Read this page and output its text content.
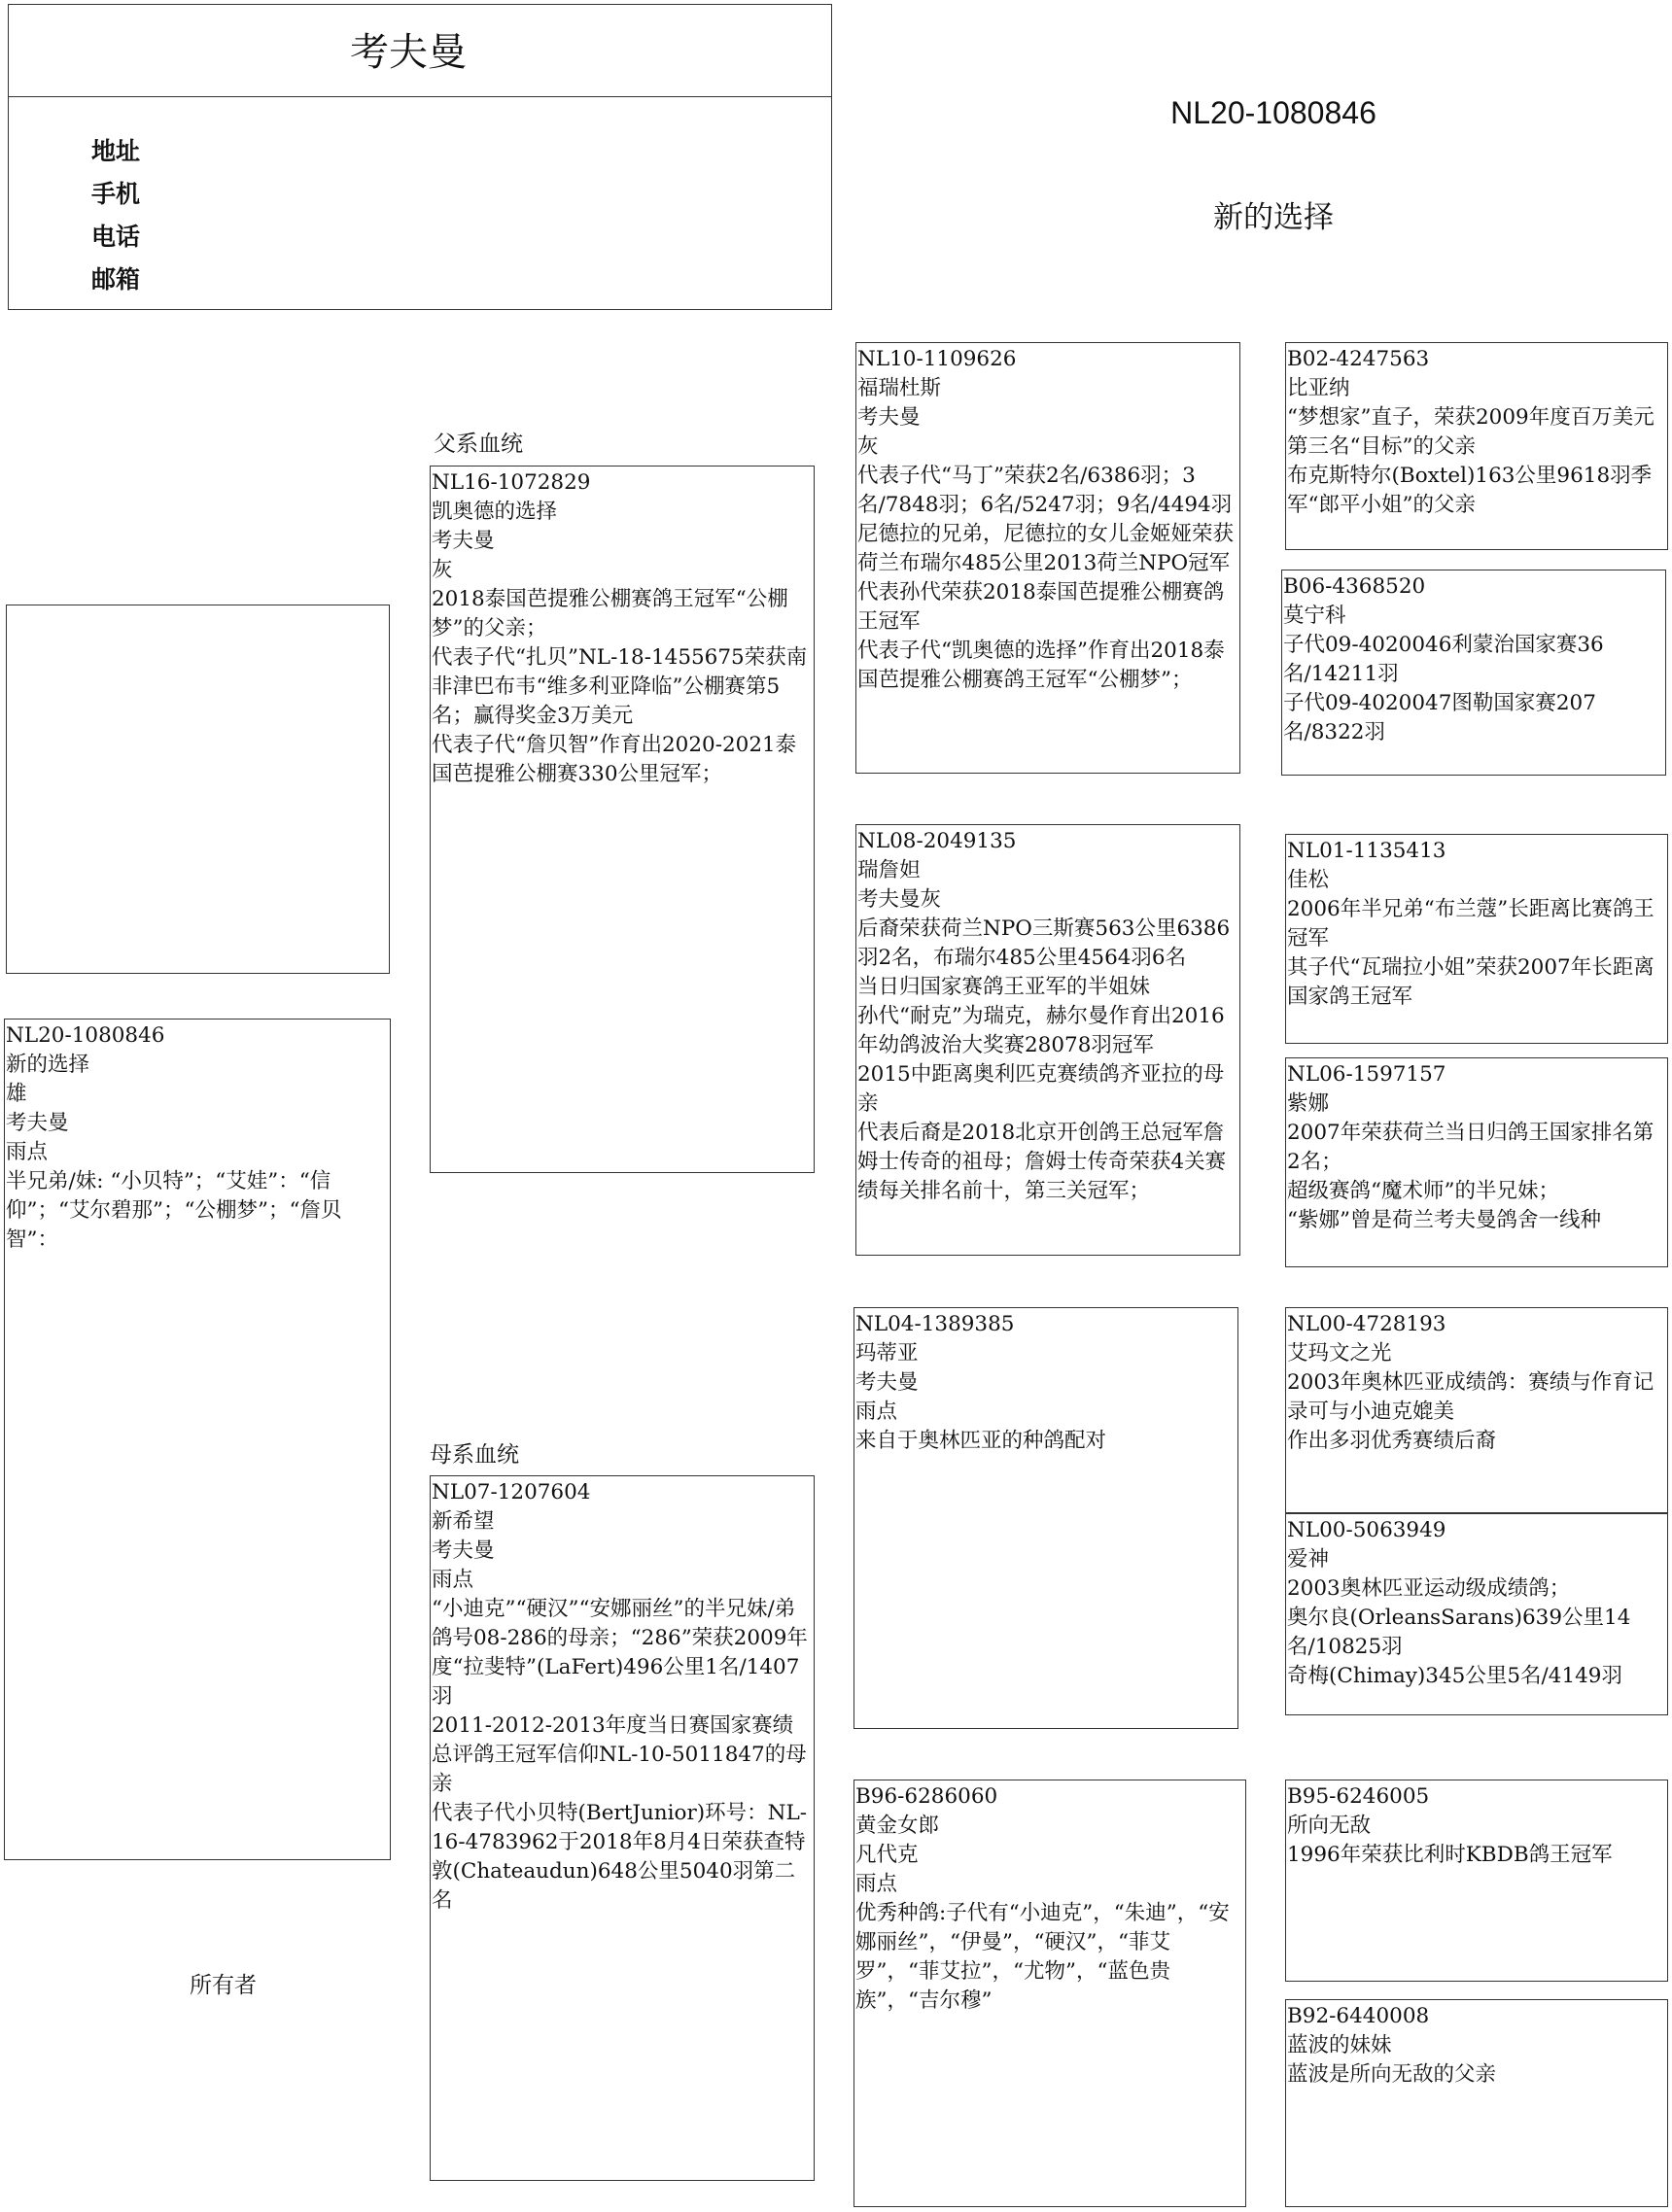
考夫曼
地址
手机
电话
邮箱
NL20-1080846
新的选择
NL20-1080846
新的选择
雄
考夫曼
雨点
半兄弟/妹: “小贝特”；“艾娃”：“信仰”；“艾尔碧那”；“公棚梦”；“詹贝智”：
所有者
父系血统
母系血统
NL16-1072829
凯奥德的选择
考夫曼
灰
2018泰国芭提雅公棚赛鸽王冠军“公棚梦”的父亲；
代表子代“扎贝”NL-18-1455675荣获南非津巴布韦“维多利亚降临”公棚赛第5名；赢得奖金3万美元
代表子代“詹贝智”作育出2020-2021泰国芭提雅公棚赛330公里冠军；
NL07-1207604
新希望
考夫曼
雨点
“小迪克”“硬汉”“安娜丽丝”的半兄妹/弟
鸽号08-286的母亲；“286”荣获2009年度“拉斐特”(LaFert)496公里1名/1407羽
2011-2012-2013年度当日赛国家赛绩总评鸽王冠军信仰NL-10-5011847的母亲
代表子代小贝特(BertJunior)环号：NL-16-4783962于2018年8月4日荣获查特敦(Chateaudun)648公里5040羽第二名
NL10-1109626
福瑞杜斯
考夫曼
灰
代表子代“马丁”荣获2名/6386羽；3名/7848羽；6名/5247羽；9名/4494羽尼德拉的兄弟，尼德拉的女儿金姬娅荣获荷兰布瑞尔485公里2013荷兰NPO冠军
代表孙代荣获2018泰国芭提雅公棚赛鸽王冠军
代表子代“凯奥德的选择”作育出2018泰国芭提雅公棚赛鸽王冠军“公棚梦”；
NL08-2049135
瑞詹妲
考夫曼灰
后裔荣获荷兰NPO三斯赛563公里6386羽2名，布瑞尔485公里4564羽6名
当日归国家赛鸽王亚军的半姐妹
孙代“耐克”为瑞克，赫尔曼作育出2016年幼鸽波治大奖赛28078羽冠军
2015中距离奥利匹克赛绩鸽齐亚拉的母亲
代表后裔是2018北京开创鸽王总冠军詹姆士传奇的祖母；詹姆士传奇荣获4关赛绩每关排名前十，第三关冠军；
NL04-1389385
玛蒂亚
考夫曼
雨点
来自于奥林匹亚的种鸽配对
B96-6286060
黄金女郎
凡代克
雨点
优秀种鸽:子代有“小迪克”，“朱迪”，“安娜丽丝”，“伊曼”，“硬汉”，“菲艾罗”，“菲艾拉”，“尤物”，“蓝色贵族”，“吉尔穆”
B02-4247563
比亚纳
“梦想家”直子，荣获2009年度百万美元第三名“目标”的父亲
布克斯特尔(Boxtel)163公里9618羽季军“郎平小姐”的父亲
B06-4368520
莫宁科
子代09-4020046利蒙治国家赛36名/14211羽
子代09-4020047图勒国家赛207名/8322羽
NL01-1135413
佳松
2006年半兄弟“布兰蔻”长距离比赛鸽王冠军
其子代“瓦瑞拉小姐”荣获2007年长距离国家鸽王冠军
NL06-1597157
紫娜
2007年荣获荷兰当日归鸽王国家排名第2名；
超级赛鸽“魔术师”的半兄妹；
“紫娜”曾是荷兰考夫曼鸽舍一线种
NL00-4728193
艾玛文之光
2003年奥林匹亚成绩鸽：赛绩与作育记录可与小迪克媲美
作出多羽优秀赛绩后裔
NL00-5063949
爱神
2003奥林匹亚运动级成绩鸽；
奥尔良(OrleansSarans)639公里14名/10825羽
奇梅(Chimay)345公里5名/4149羽
B95-6246005
所向无敌
1996年荣获比利时KBDB鸽王冠军
B92-6440008
蓝波的妹妹
蓝波是所向无敌的父亲
